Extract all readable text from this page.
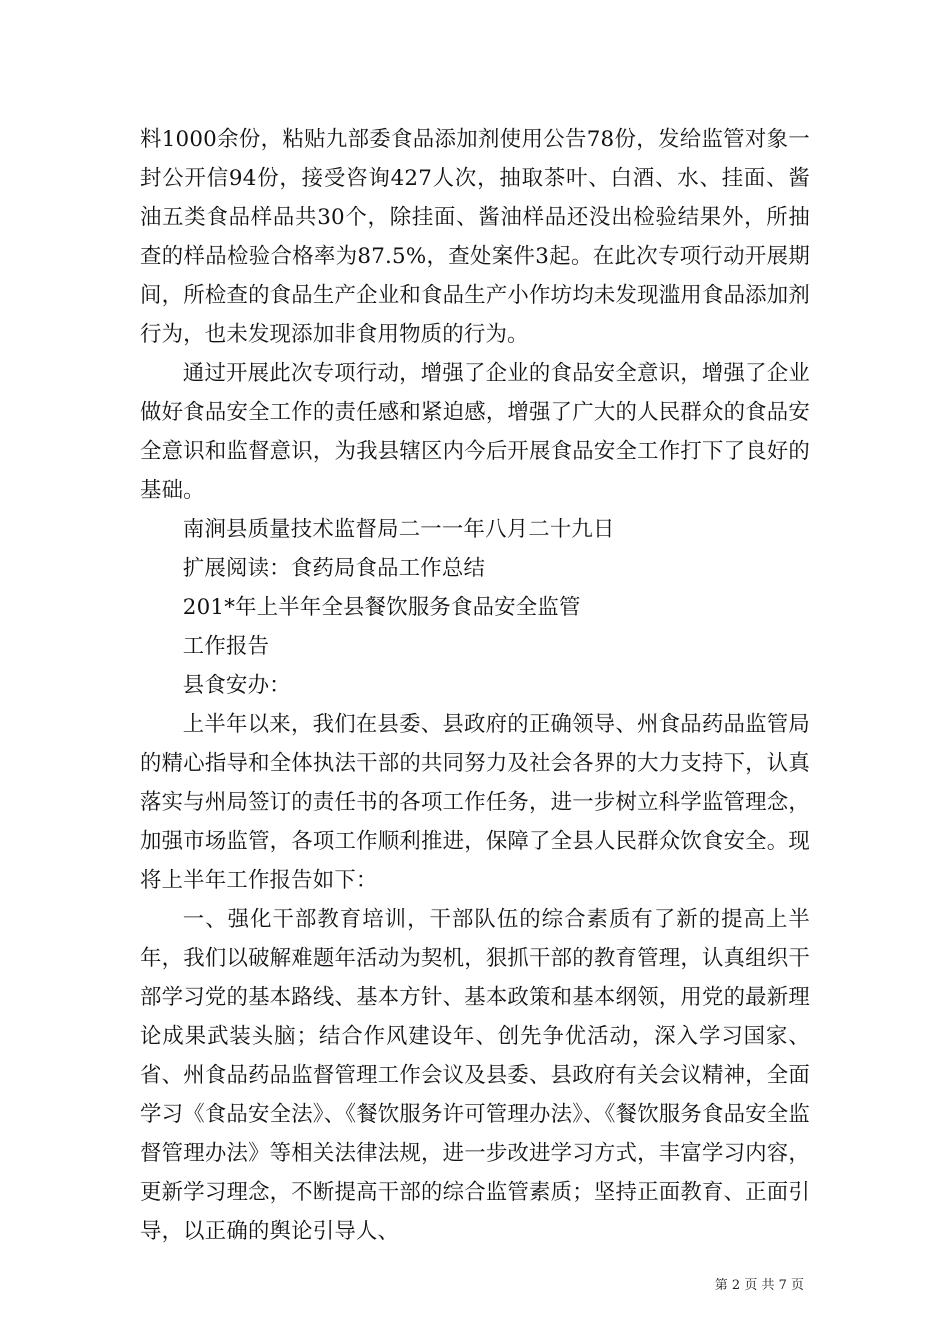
料1000余份，粘贴九部委食品添加剂使用公告78份，发给监管对象一封公开信94份，接受咨询427人次，抽取茶叶、白酒、水、挂面、酱油五类食品样品共30个，除挂面、酱油样品还没出检验结果外，所抽查的样品检验合格率为87.5%，查处案件3起。在此次专项行动开展期间，所检查的食品生产企业和食品生产小作坊均未发现滥用食品添加剂行为，也未发现添加非食用物质的行为。

通过开展此次专项行动，增强了企业的食品安全意识，增强了企业做好食品安全工作的责任感和紧迫感，增强了广大的人民群众的食品安全意识和监督意识，为我县辖区内今后开展食品安全工作打下了良好的基础。

南涧县质量技术监督局二一一年八月二十九日

扩展阅读：食药局食品工作总结

201*年上半年全县餐饮服务食品安全监管

工作报告

县食安办：

上半年以来，我们在县委、县政府的正确领导、州食品药品监管局的精心指导和全体执法干部的共同努力及社会各界的大力支持下，认真落实与州局签订的责任书的各项工作任务，进一步树立科学监管理念，加强市场监管，各项工作顺利推进，保障了全县人民群众饮食安全。现将上半年工作报告如下：

一、强化干部教育培训，干部队伍的综合素质有了新的提高上半年，我们以破解难题年活动为契机，狠抓干部的教育管理，认真组织干部学习党的基本路线、基本方针、基本政策和基本纲领，用党的最新理论成果武装头脑；结合作风建设年、创先争优活动，深入学习国家、省、州食品药品监督管理工作会议及县委、县政府有关会议精神，全面学习《食品安全法》、《餐饮服务许可管理办法》、《餐饮服务食品安全监督管理办法》等相关法律法规，进一步改进学习方式，丰富学习内容，更新学习理念，不断提高干部的综合监管素质；坚持正面教育、正面引导，以正确的舆论引导人、

第 2 页 共 7 页
